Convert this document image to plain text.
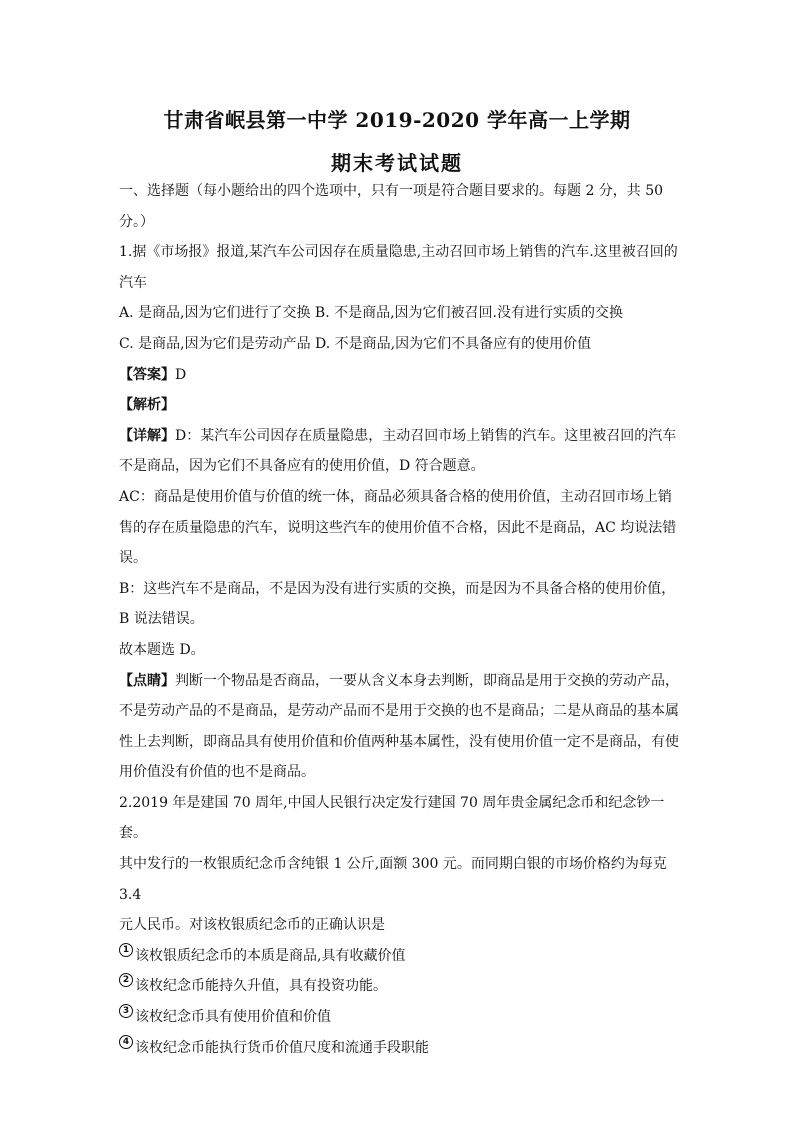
甘肃省岷县第一中学 2019-2020 学年高一上学期
期末考试试题

一、选择题（每小题给出的四个选项中，只有一项是符合题目要求的。每题 2 分，共 50

分。）

1.据《市场报》报道,某汽车公司因存在质量隐患,主动召回市场上销售的汽车.这里被召回的

汽车

A. 是商品,因为它们进行了交换 B. 不是商品,因为它们被召回.没有进行实质的交换

C. 是商品,因为它们是劳动产品 D. 不是商品,因为它们不具备应有的使用价值

【答案】D

【解析】

【详解】D：某汽车公司因存在质量隐患，主动召回市场上销售的汽车。这里被召回的汽车

不是商品，因为它们不具备应有的使用价值，D 符合题意。

AC：商品是使用价值与价值的统一体，商品必须具备合格的使用价值，主动召回市场上销

售的存在质量隐患的汽车，说明这些汽车的使用价值不合格，因此不是商品，AC 均说法错

误。

B：这些汽车不是商品，不是因为没有进行实质的交换，而是因为不具备合格的使用价值，

B 说法错误。

故本题选 D。

【点睛】判断一个物品是否商品，一要从含义本身去判断，即商品是用于交换的劳动产品，

不是劳动产品的不是商品，是劳动产品而不是用于交换的也不是商品；二是从商品的基本属

性上去判断，即商品具有使用价值和价值两种基本属性，没有使用价值一定不是商品，有使

用价值没有价值的也不是商品。

2.2019 年是建国 70 周年,中国人民银行决定发行建国 70 周年贵金属纪念币和纪念钞一套。

其中发行的一枚银质纪念币含纯银 1 公斤,面额 300 元。而同期白银的市场价格约为每克 3.4

元人民币。对该枚银质纪念币的正确认识是

1 该枚银质纪念币的本质是商品,具有收藏价值

2 该枚纪念币能持久升值，具有投资功能。

3 该枚纪念币具有使用价值和价值

4 该枚纪念币能执行货币价值尺度和流通手段职能
